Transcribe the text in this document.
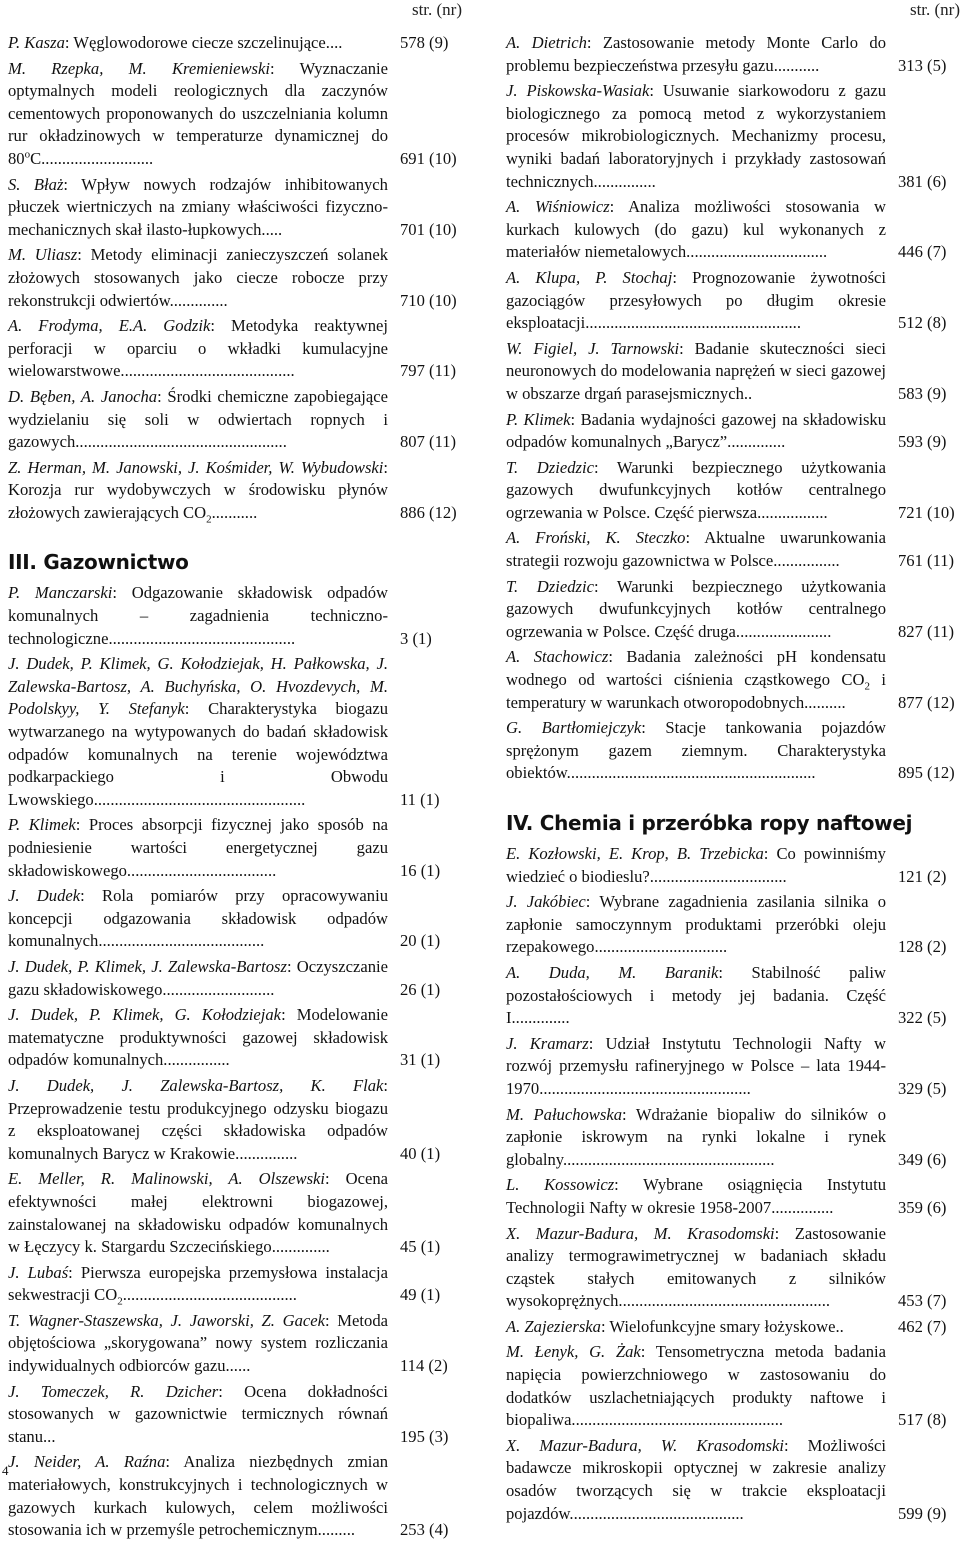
str. (nr)
P. Kasza: Węglowodorowe ciecze szczelinujące....	578 (9)
M. Rzepka, M. Kremieniewski: Wyznaczanie optymalnych modeli reologicznych dla zaczynów cementowych proponowanych do uszczelniania kolumn rur okładzinowych w temperaturze dynamicznej do 80$^o$C...........................	691 (10)
S. Błaż: Wpływ nowych rodzajów inhibitowanych płuczek wiertniczych na zmiany właściwości fizyczno-mechanicznych skał ilasto-łupkowych.....	701 (10)
M. Uliasz: Metody eliminacji zanieczyszczeń solanek złożowych stosowanych jako ciecze robocze przy rekonstrukcji odwiertów..............	710 (10)
A. Frodyma, E.A. Godzik: Metodyka reaktywnej perforacji w oparciu o wkładki kumulacyjne wielowarstwowe..........................................	797 (11)
D. Bęben, A. Janocha: Środki chemiczne zapobiegające wydzielaniu się soli w odwiertach ropnych i gazowych...................................................	807 (11)
Z. Herman, M. Janowski, J. Kośmider, W. Wybudowski: Korozja rur wydobywczych w środowisku płynów złożowych zawierających $CO_2$...........	886 (12)
III. Gazownictwo
P. Manczarski: Odgazowanie składowisk odpadów komunalnych – zagadnienia techniczno-technologiczne.............................................	3 (1)
J. Dudek, P. Klimek, G. Kołodziejak, H. Pałkowska, J. Zalewska-Bartosz, A. Buchyńska, O. Hvozdevych, M. Podolskyy, Y. Stefanyk: Charakterystyka biogazu wytwarzanego na wytypowanych do badań składowisk odpadów komunalnych na terenie województwa podkarpackiego i Obwodu Lwowskiego...................................................	11 (1)
P. Klimek: Proces absorpcji fizycznej jako sposób na podniesienie wartości energetycznej gazu składowiskowego....................................	16 (1)
J. Dudek: Rola pomiarów przy opracowywaniu koncepcji odgazowania składowisk odpadów komunalnych........................................	20 (1)
J. Dudek, P. Klimek, J. Zalewska-Bartosz: Oczyszczanie gazu składowiskowego...........................	26 (1)
J. Dudek, P. Klimek, G. Kołodziejak: Modelowanie matematyczne produktywności gazowej składowisk odpadów komunalnych................	31 (1)
J. Dudek, J. Zalewska-Bartosz, K. Flak: Przeprowadzenie testu produkcyjnego odzysku biogazu z eksploatowanej części składowiska odpadów komunalnych Barycz w Krakowie...............	40 (1)
E. Meller, R. Malinowski, A. Olszewski: Ocena efektywności małej elektrowni biogazowej, zainstalowanej na składowisku odpadów komunalnych w Łęczycy k. Stargardu Szczecińskiego..............	45 (1)
J. Lubaś: Pierwsza europejska przemysłowa instalacja sekwestracji $CO_2$..........................................	49 (1)
T. Wagner-Staszewska, J. Jaworski, Z. Gacek: Metoda objętościowa „skorygowana” nowy system rozliczania indywidualnych odbiorców gazu......	114 (2)
J. Tomeczek, R. Dzicher: Ocena dokładności stosowanych w gazownictwie termicznych równań stanu...	195 (3)
J. Neider, A. Raźna: Analiza niezbędnych zmian materiałowych, konstrukcyjnych i technologicznych w gazowych kurkach kulowych, celem możliwości stosowania ich w przemyśle petrochemicznym.........	253 (4)
str. (nr)
A. Dietrich: Zastosowanie metody Monte Carlo do problemu bezpieczeństwa przesyłu gazu...........	313 (5)
J. Piskowska-Wasiak: Usuwanie siarkowodoru z gazu biologicznego za pomocą metod z wykorzystaniem procesów mikrobiologicznych. Mechanizmy procesu, wyniki badań laboratoryjnych i przykłady zastosowań technicznych...............	381 (6)
A. Wiśniowicz: Analiza możliwości stosowania w kurkach kulowych (do gazu) kul wykonanych z materiałów niemetalowych..................................	446 (7)
A. Klupa, P. Stochaj: Prognozowanie żywotności gazociągów przesyłowych po długim okresie eksploatacji....................................................	512 (8)
W. Figiel, J. Tarnowski: Badanie skuteczności sieci neuronowych do modelowania naprężeń w sieci gazowej w obszarze drgań parasejsmicznych..	583 (9)
P. Klimek: Badania wydajności gazowej na składowisku odpadów komunalnych „Barycz”..............	593 (9)
T. Dziedzic: Warunki bezpiecznego użytkowania gazowych dwufunkcyjnych kotłów centralnego ogrzewania w Polsce. Część pierwsza.................	721 (10)
A. Froński, K. Steczko: Aktualne uwarunkowania strategii rozwoju gazownictwa w Polsce................	761 (11)
T. Dziedzic: Warunki bezpiecznego użytkowania gazowych dwufunkcyjnych kotłów centralnego ogrzewania w Polsce. Część druga.......................	827 (11)
A. Stachowicz: Badania zależności pH kondensatu wodnego od wartości ciśnienia cząstkowego $CO_2$ i temperatury w warunkach otworopodobnych..........	877 (12)
G. Bartłomiejczyk: Stacje tankowania pojazdów sprężonym gazem ziemnym. Charakterystyka obiektów............................................................	895 (12)
IV. Chemia i przeróbka ropy naftowej
E. Kozłowski, E. Krop, B. Trzebicka: Co powinniśmy wiedzieć o biodieslu?.................................	121 (2)
J. Jakóbiec: Wybrane zagadnienia zasilania silnika o zapłonie samoczynnym produktami przeróbki oleju rzepakowego................................	128 (2)
A. Duda, M. Baranik: Stabilność paliw pozostałościowych i metody jej badania. Część I..............	322 (5)
J. Kramarz: Udział Instytutu Technologii Nafty w rozwój przemysłu rafineryjnego w Polsce – lata 1944-1970...................................................	329 (5)
M. Pałuchowska: Wdrażanie biopaliw do silników o zapłonie iskrowym na rynki lokalne i rynek globalny...................................................	349 (6)
L. Kossowicz: Wybrane osiągnięcia Instytutu Technologii Nafty w okresie 1958-2007...............	359 (6)
X. Mazur-Badura, M. Krasodomski: Zastosowanie analizy termograwimetrycznej w badaniach składu cząstek stałych emitowanych z silników wysokoprężnych...................................................	453 (7)
A. Zajezierska: Wielofunkcyjne smary łożyskowe..	462 (7)
M. Łenyk, G. Żak: Tensometryczna metoda badania napięcia powierzchniowego w zastosowaniu do dodatków uszlachetniających produkty naftowe i biopaliwa...................................................	517 (8)
X. Mazur-Badura, W. Krasodomski: Możliwości badawcze mikroskopii optycznej w zakresie analizy osadów tworzących się w trakcie eksploatacji pojazdów..........................................	599 (9)
4
